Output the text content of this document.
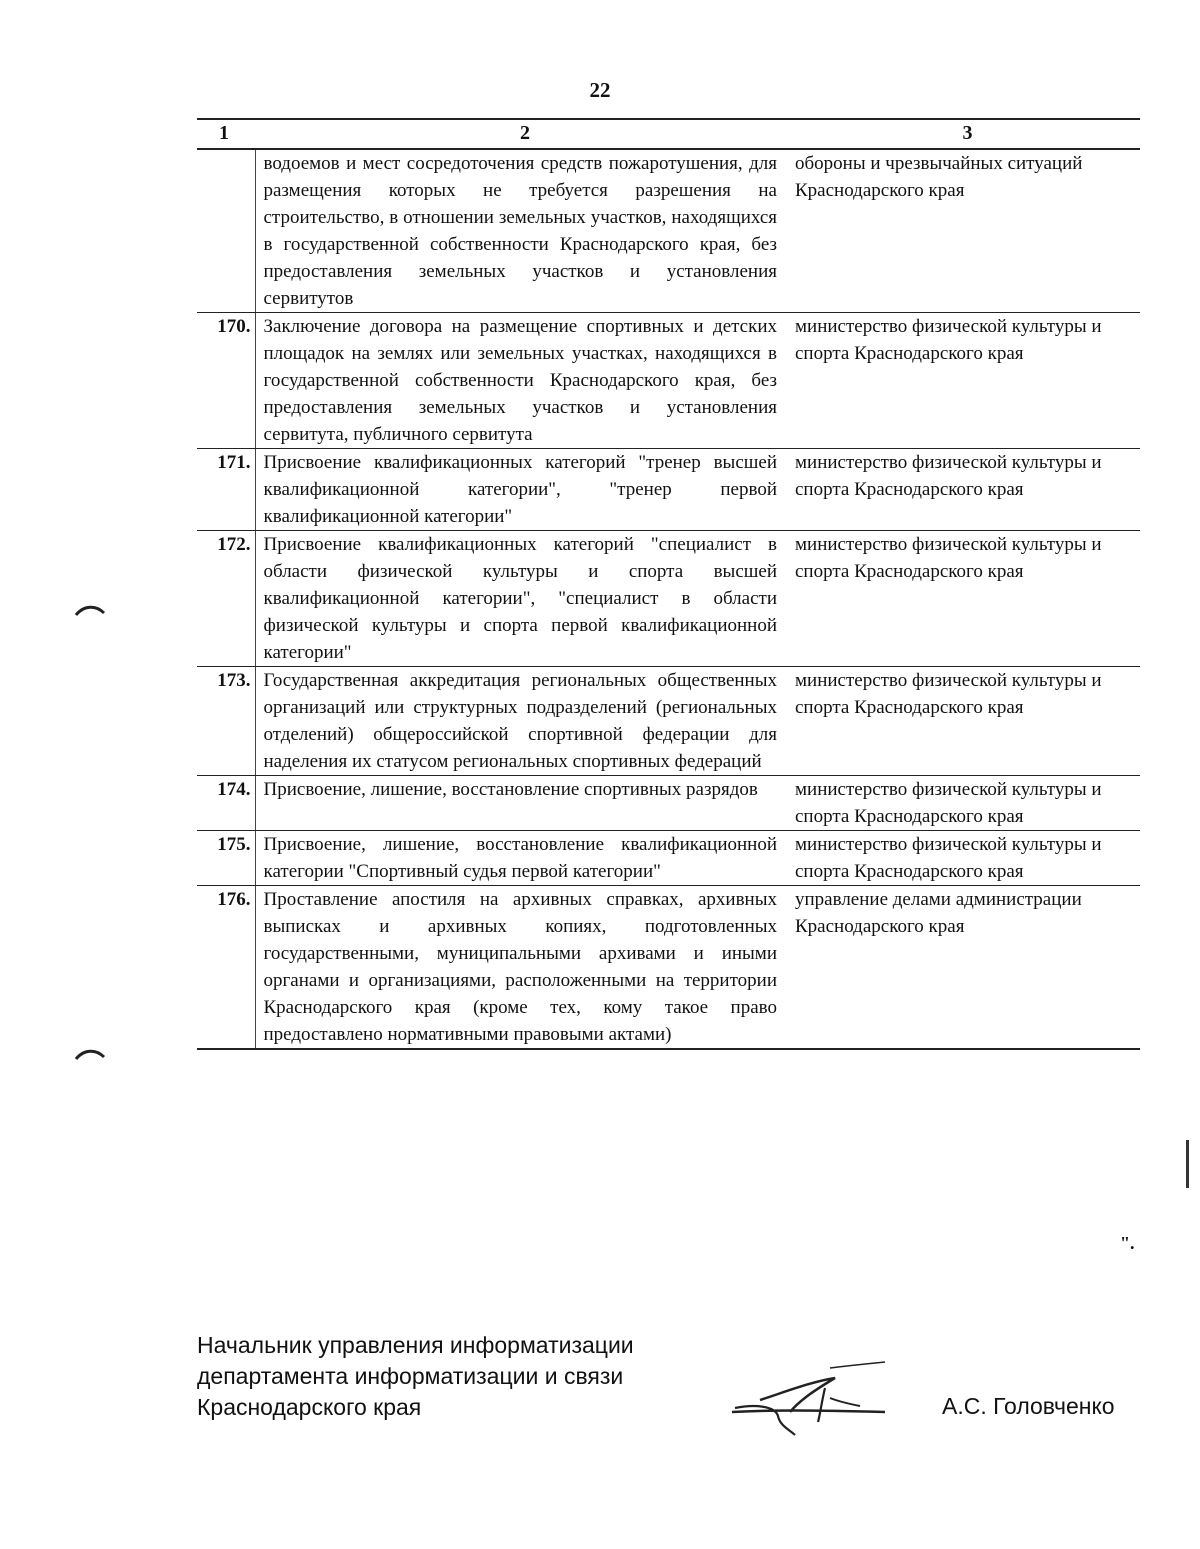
22
1	2	3
	водоемов и мест сосредоточения средств пожаротушения, для размещения которых не требуется разрешения на строительство, в отношении земельных участков, находящихся в государственной собственности Краснодарского края, без предоставления земельных участков и установления сервитутов	обороны и чрезвычайных ситуаций Краснодарского края
170.	Заключение договора на размещение спортивных и детских площадок на землях или земельных участках, находящихся в государственной собственности Краснодарского края, без предоставления земельных участков и установления сервитута, публичного сервитута	министерство физической культуры и спорта Краснодарского края
171.	Присвоение квалификационных категорий "тренер высшей квалификационной категории", "тренер первой квалификационной категории"	министерство физической культуры и спорта Краснодарского края
172.	Присвоение квалификационных категорий "специалист в области физической культуры и спорта высшей квалификационной категории", "специалист в области физической культуры и спорта первой квалификационной категории"	министерство физической культуры и спорта Краснодарского края
173.	Государственная аккредитация региональных общественных организаций или структурных подразделений (региональных отделений) общероссийской спортивной федерации для наделения их статусом региональных спортивных федераций	министерство физической культуры и спорта Краснодарского края
174.	Присвоение, лишение, восстановление спортивных разрядов	министерство физической культуры и спорта Краснодарского края
175.	Присвоение, лишение, восстановление квалификационной категории "Спортивный судья первой категории"	министерство физической культуры и спорта Краснодарского края
176.	Проставление апостиля на архивных справках, архивных выписках и архивных копиях, подготовленных государственными, муниципальными архивами и иными органами и организациями, расположенными на территории Краснодарского края (кроме тех, кому такое право предоставлено нормативными правовыми актами)	управление делами администрации Краснодарского края
".
Начальник управления информатизации
департамента информатизации и связи
Краснодарского края	А.С. Головченко
